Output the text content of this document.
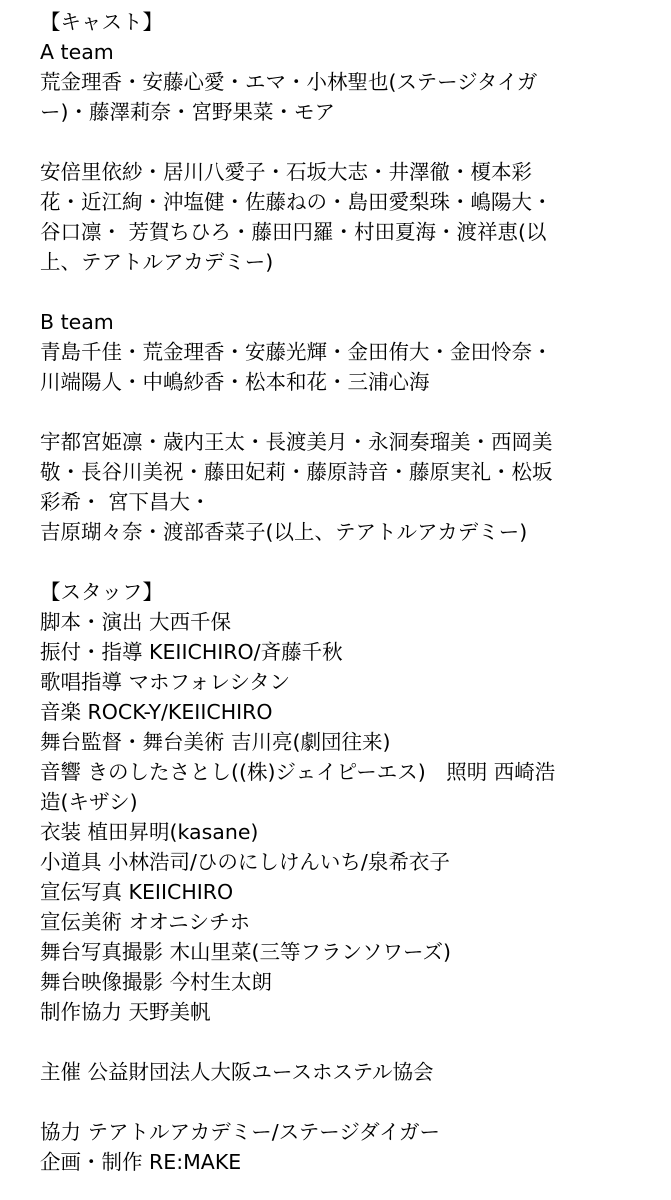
【キャスト】
A team
荒金理香・安藤心愛・エマ・小林聖也(ステージタイガ
ー)・藤澤莉奈・宮野果菜・モア
安倍里依紗・居川八愛子・石坂大志・井澤徹・榎本彩
花・近江絢・沖塩健・佐藤ねの・島田愛梨珠・嶋陽大・
谷口凛・ 芳賀ちひろ・藤田円羅・村田夏海・渡祥恵(以
上、テアトルアカデミー)
B team
青島千佳・荒金理香・安藤光輝・金田侑大・金田怜奈・
川端陽人・中嶋紗香・松本和花・三浦心海
宇都宮姫凛・歳内王太・長渡美月・永洞奏瑠美・西岡美
敬・長谷川美祝・藤田妃莉・藤原詩音・藤原実礼・松坂
彩希・ 宮下昌大・
吉原瑚々奈・渡部香菜子(以上、テアトルアカデミー)
【スタッフ】
脚本・演出 大西千保
振付・指導 KEIICHIRO/斉藤千秋
歌唱指導 マホフォレシタン
音楽 ROCK-Y/KEIICHIRO
舞台監督・舞台美術 吉川亮(劇団往来)
音響 きのしたさとし((株)ジェイピーエス)　照明 西崎浩
造(キザシ)
衣装 植田昇明(kasane)
小道具 小林浩司/ひのにしけんいち/泉希衣子
宣伝写真 KEIICHIRO
宣伝美術 オオニシチホ
舞台写真撮影 木山里菜(三等フランソワーズ)
舞台映像撮影 今村生太朗
制作協力 天野美帆
主催 公益財団法人大阪ユースホステル協会
協力 テアトルアカデミー/ステージダイガー
企画・制作 RE:MAKE
